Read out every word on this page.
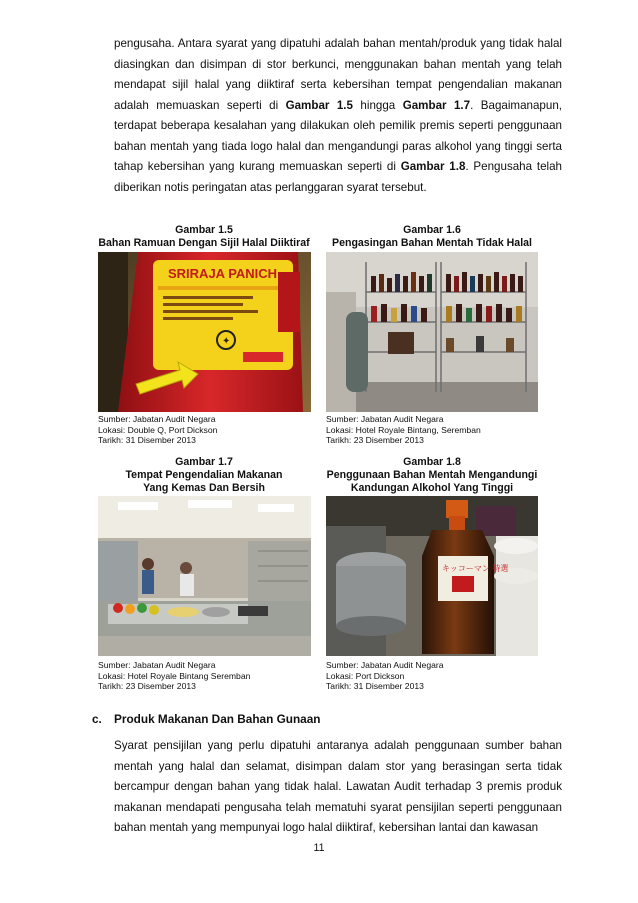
pengusaha. Antara syarat yang dipatuhi adalah bahan mentah/produk yang tidak halal diasingkan dan disimpan di stor berkunci, menggunakan bahan mentah yang telah mendapat sijil halal yang diiktiraf serta kebersihan tempat pengendalian makanan adalah memuaskan seperti di Gambar 1.5 hingga Gambar 1.7. Bagaimanapun, terdapat beberapa kesalahan yang dilakukan oleh pemilik premis seperti penggunaan bahan mentah yang tiada logo halal dan mengandungi paras alkohol yang tinggi serta tahap kebersihan yang kurang memuaskan seperti di Gambar 1.8. Pengusaha telah diberikan notis peringatan atas perlanggaran syarat tersebut.
Gambar 1.5
Bahan Ramuan Dengan Sijil Halal Diiktiraf
SRIRAJA PANICH
✦
Sumber: Jabatan Audit Negara
Lokasi: Double Q, Port Dickson
Tarikh: 31 Disember 2013
Gambar 1.6
Pengasingan Bahan Mentah Tidak Halal
Sumber: Jabatan Audit Negara
Lokasi: Hotel Royale Bintang, Seremban
Tarikh: 23 Disember 2013
Gambar 1.7
Tempat Pengendalian Makanan
Yang Kemas Dan Bersih
Sumber: Jabatan Audit Negara
Lokasi: Hotel Royale Bintang Seremban
Tarikh: 23 Disember 2013
Gambar 1.8
Penggunaan Bahan Mentah Mengandungi
Kandungan Alkohol Yang Tinggi
キッコーマン 特選
Sumber: Jabatan Audit Negara
Lokasi: Port Dickson
Tarikh: 31 Disember 2013
c. Produk Makanan Dan Bahan Gunaan
Syarat pensijilan yang perlu dipatuhi antaranya adalah penggunaan sumber bahan mentah yang halal dan selamat, disimpan dalam stor yang berasingan serta tidak bercampur dengan bahan yang tidak halal. Lawatan Audit terhadap 3 premis produk makanan mendapati pengusaha telah mematuhi syarat pensijilan seperti penggunaan bahan mentah yang mempunyai logo halal diiktiraf, kebersihan lantai dan kawasan
11
